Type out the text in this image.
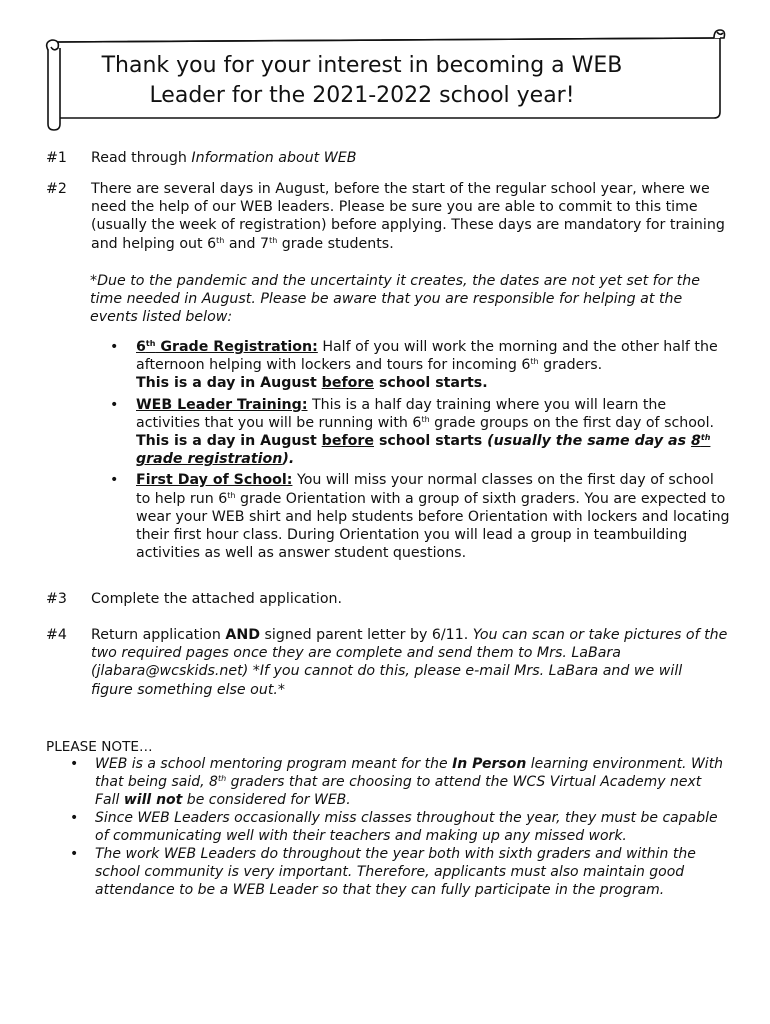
Thank you for your interest in becoming a WEB
Leader for the 2021-2022 school year!
#1	Read through Information about WEB
#2	There are several days in August, before the start of the regular school year, where we need the help of our WEB leaders. Please be sure you are able to commit to this time (usually the week of registration) before applying. These days are mandatory for training and helping out 6th and 7th grade students.
*Due to the pandemic and the uncertainty it creates, the dates are not yet set for the time needed in August. Please be aware that you are responsible for helping at the events listed below:
• 6th Grade Registration: Half of you will work the morning and the other half the afternoon helping with lockers and tours for incoming 6th graders.
This is a day in August before school starts.
• WEB Leader Training: This is a half day training where you will learn the activities that you will be running with 6th grade groups on the first day of school. This is a day in August before school starts (usually the same day as 8th grade registration).
• First Day of School: You will miss your normal classes on the first day of school to help run 6th grade Orientation with a group of sixth graders. You are expected to wear your WEB shirt and help students before Orientation with lockers and locating their first hour class. During Orientation you will lead a group in teambuilding activities as well as answer student questions.
#3	Complete the attached application.
#4	Return application AND signed parent letter by 6/11. You can scan or take pictures of the two required pages once they are complete and send them to Mrs. LaBara (jlabara@wcskids.net) *If you cannot do this, please e-mail Mrs. LaBara and we will
figure something else out.*
PLEASE NOTE…
• WEB is a school mentoring program meant for the In Person learning environment. With that being said, 8th graders that are choosing to attend the WCS Virtual Academy next Fall will not be considered for WEB.
• Since WEB Leaders occasionally miss classes throughout the year, they must be capable of communicating well with their teachers and making up any missed work.
• The work WEB Leaders do throughout the year both with sixth graders and within the school community is very important. Therefore, applicants must also maintain good attendance to be a WEB Leader so that they can fully participate in the program.
